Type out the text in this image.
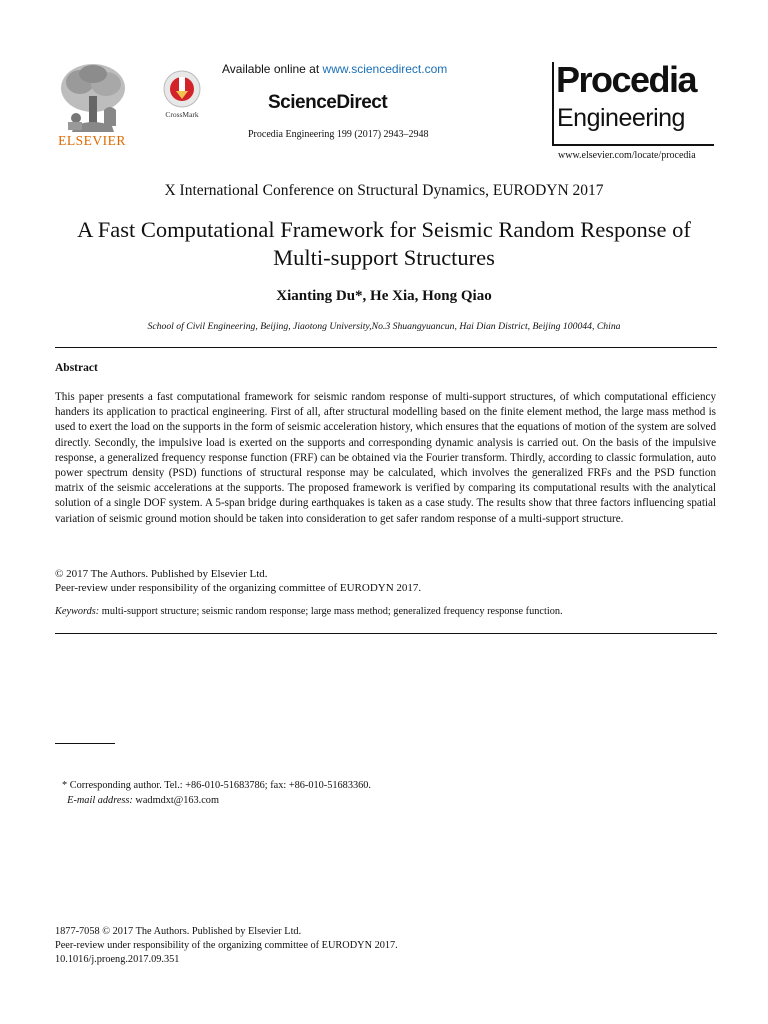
ELSEVIER
CrossMark
Available online at www.sciencedirect.com
ScienceDirect
Procedia Engineering 199 (2017) 2943–2948
Procedia
Engineering
www.elsevier.com/locate/procedia
X International Conference on Structural Dynamics, EURODYN 2017
A Fast Computational Framework for Seismic Random Response of
Multi-support Structures
Xianting Du*, He Xia, Hong Qiao
School of Civil Engineering, Beijing, Jiaotong University,No.3 Shuangyuancun, Hai Dian District, Beijing 100044, China
Abstract
This paper presents a fast computational framework for seismic random response of multi-support structures, of which computational efficiency handers its application to practical engineering. First of all, after structural modelling based on the finite element method, the large mass method is used to exert the load on the supports in the form of seismic acceleration history, which ensures that the equations of motion of the system are solved directly. Secondly, the impulsive load is exerted on the supports and corresponding dynamic analysis is carried out. On the basis of the impulsive response, a generalized frequency response function (FRF) can be obtained via the Fourier transform. Thirdly, according to classic formulation, auto power spectrum density (PSD) functions of structural response may be calculated, which involves the generalized FRFs and the PSD function matrix of the seismic accelerations at the supports. The proposed framework is verified by comparing its computational results with the analytical solution of a single DOF system. A 5-span bridge during earthquakes is taken as a case study. The results show that three factors influencing spatial variation of seismic ground motion should be taken into consideration to get safer random response of a multi-support structure.
© 2017 The Authors. Published by Elsevier Ltd.
Peer-review under responsibility of the organizing committee of EURODYN 2017.
Keywords: multi-support structure; seismic random response; large mass method; generalized frequency response function.
* Corresponding author. Tel.: +86-010-51683786; fax: +86-010-51683360.
E-mail address: wadmdxt@163.com
1877-7058 © 2017 The Authors. Published by Elsevier Ltd.
Peer-review under responsibility of the organizing committee of EURODYN 2017.
10.1016/j.proeng.2017.09.351
